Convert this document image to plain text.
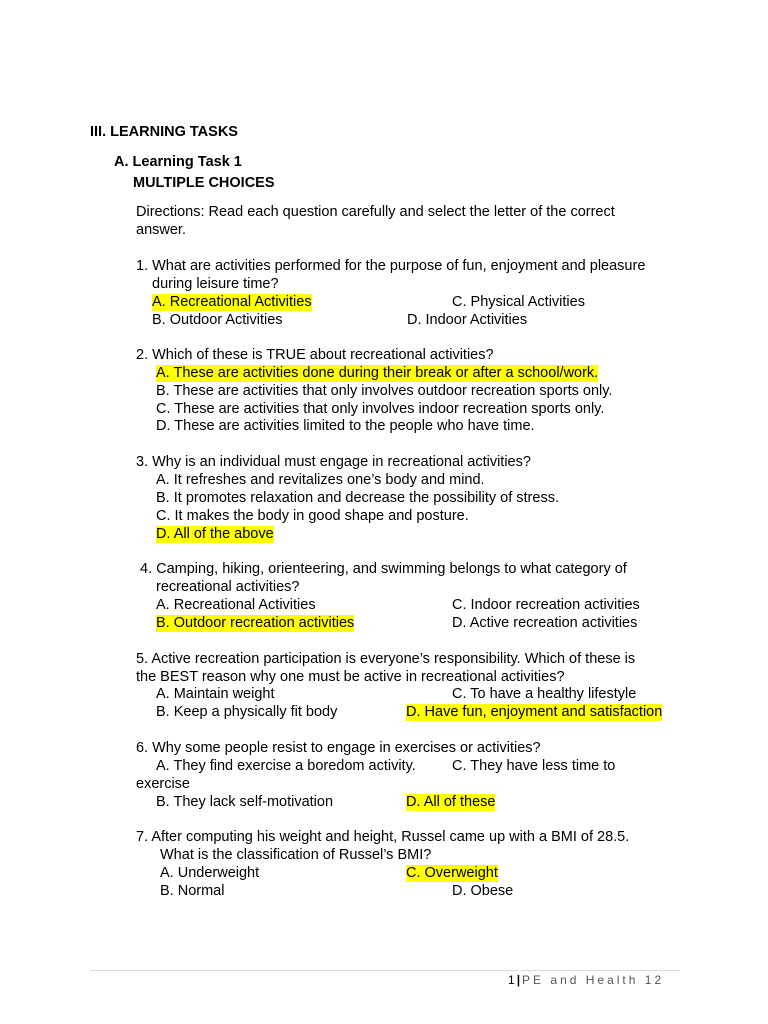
III. LEARNING TASKS
A. Learning Task 1
MULTIPLE CHOICES
Directions: Read each question carefully and select the letter of the correct
answer.
1. What are activities performed for the purpose of fun, enjoyment and pleasure
during leisure time?
A. Recreational Activities	C. Physical Activities
B. Outdoor Activities	D. Indoor Activities
2. Which of these is TRUE about recreational activities?
A. These are activities done during their break or after a school/work.
B. These are activities that only involves outdoor recreation sports only.
C. These are activities that only involves indoor recreation sports only.
D. These are activities limited to the people who have time.
3. Why is an individual must engage in recreational activities?
A. It refreshes and revitalizes one’s body and mind.
B. It promotes relaxation and decrease the possibility of stress.
C. It makes the body in good shape and posture.
D. All of the above
4. Camping, hiking, orienteering, and swimming belongs to what category of
recreational activities?
A. Recreational Activities	C. Indoor recreation activities
B. Outdoor recreation activities	D. Active recreation activities
5. Active recreation participation is everyone’s responsibility. Which of these is
the BEST reason why one must be active in recreational activities?
A. Maintain weight	C. To have a healthy lifestyle
B. Keep a physically fit body	D. Have fun, enjoyment and satisfaction
6. Why some people resist to engage in exercises or activities?
A. They find exercise a boredom activity. C. They have less time to
exercise
B. They lack self-motivation	D. All of these
7. After computing his weight and height, Russel came up with a BMI of 28.5.
What is the classification of Russel’s BMI?
A. Underweight	C. Overweight
B. Normal	D. Obese
1 | PE and Health 12
